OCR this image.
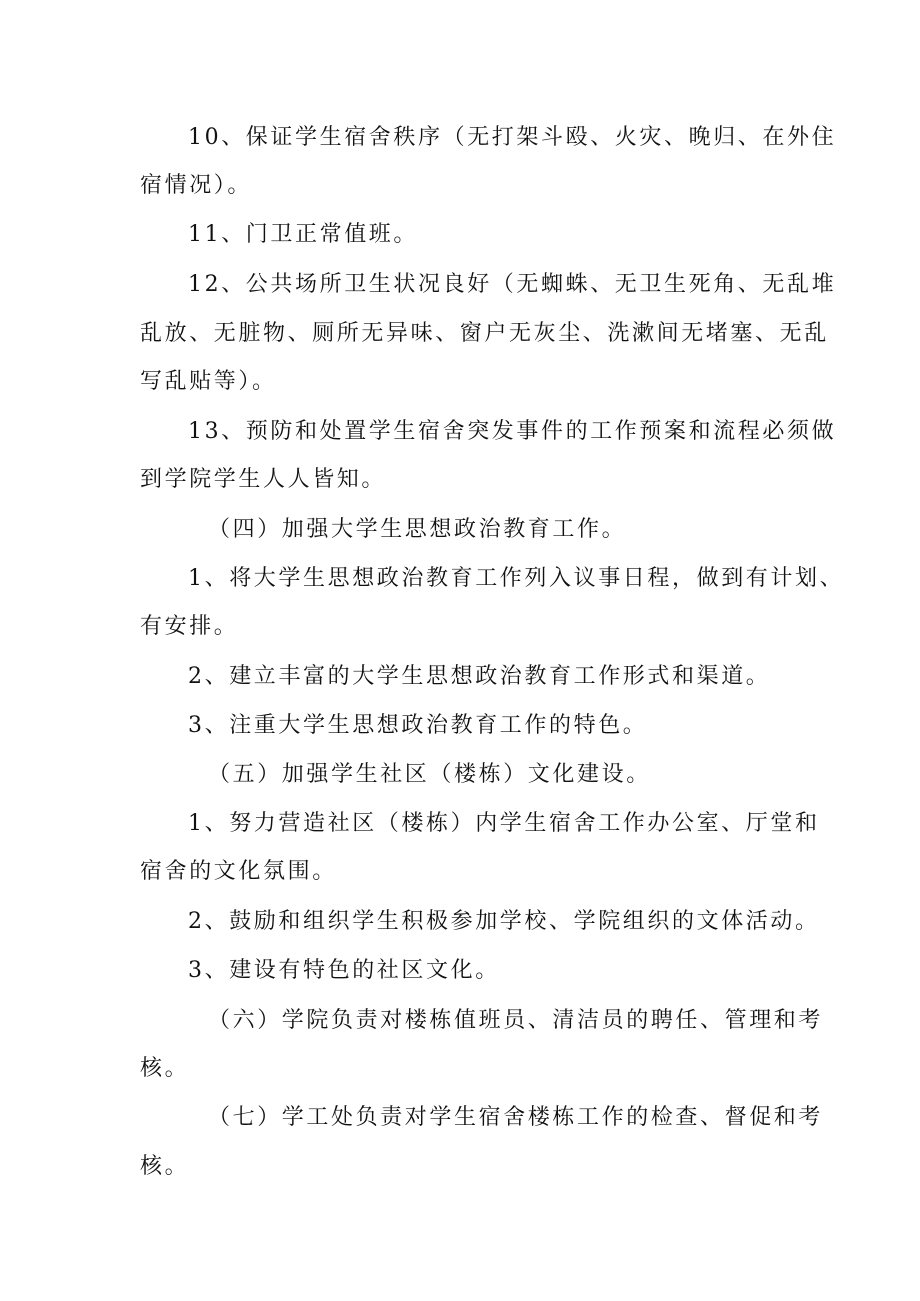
10、保证学生宿舍秩序（无打架斗殴、火灾、晚归、在外住
宿情况）。
11、门卫正常值班。
12、公共场所卫生状况良好（无蜘蛛、无卫生死角、无乱堆
乱放、无脏物、厕所无异味、窗户无灰尘、洗漱间无堵塞、无乱
写乱贴等）。
13、预防和处置学生宿舍突发事件的工作预案和流程必须做
到学院学生人人皆知。
（四）加强大学生思想政治教育工作。
1、将大学生思想政治教育工作列入议事日程，做到有计划、
有安排。
2、建立丰富的大学生思想政治教育工作形式和渠道。
3、注重大学生思想政治教育工作的特色。
（五）加强学生社区（楼栋）文化建设。
1、努力营造社区（楼栋）内学生宿舍工作办公室、厅堂和
宿舍的文化氛围。
2、鼓励和组织学生积极参加学校、学院组织的文体活动。
3、建设有特色的社区文化。
（六）学院负责对楼栋值班员、清洁员的聘任、管理和考
核。
（七）学工处负责对学生宿舍楼栋工作的检查、督促和考
核。
